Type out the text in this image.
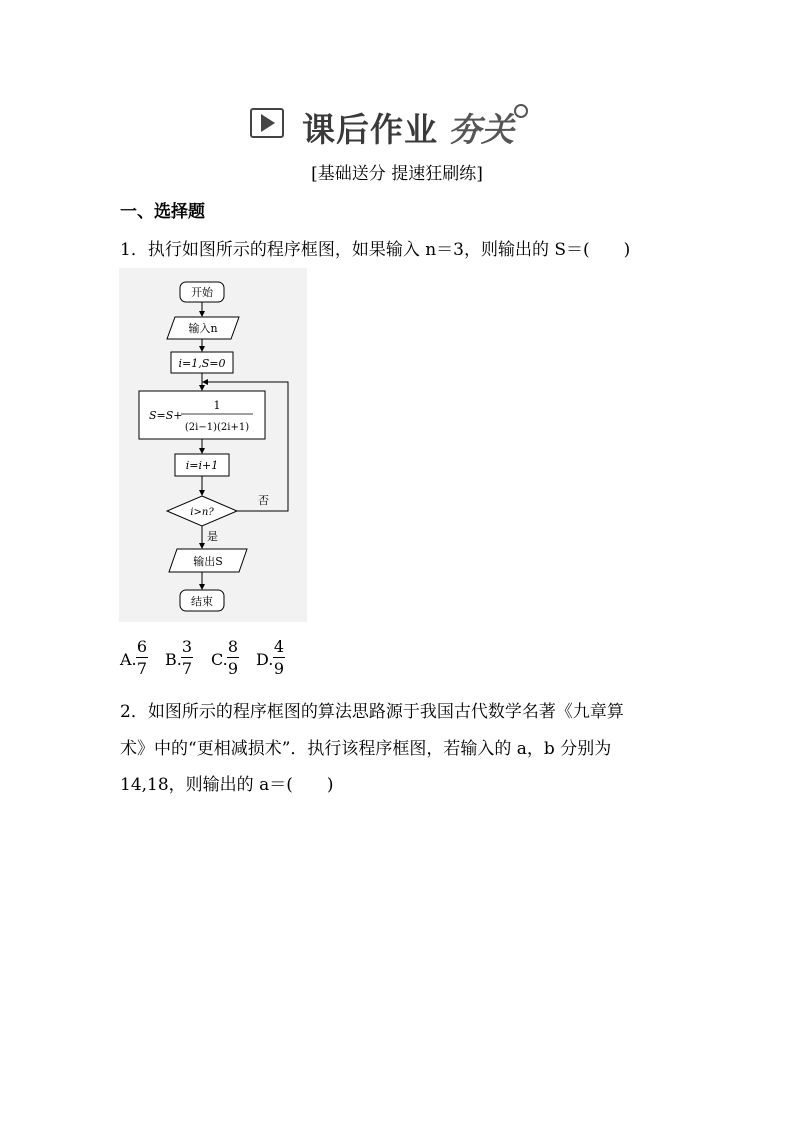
课后作业 夯关
[基础送分 提速狂刷练]
一、选择题
1．执行如图所示的程序框图，如果输入 n＝3，则输出的 S＝(　　)
开始
输入n
i=1,S=0
S=S+
1
(2i−1)(2i+1)
i=i+1
i>n?
否
是
输出S
结束
A.
6
7 B.
3
7 C.
8
9 D.
4
9
2．如图所示的程序框图的算法思路源于我国古代数学名著《九章算
术》中的“更相减损术”．执行该程序框图，若输入的 a，b 分别为
14,18，则输出的 a＝(　　)
